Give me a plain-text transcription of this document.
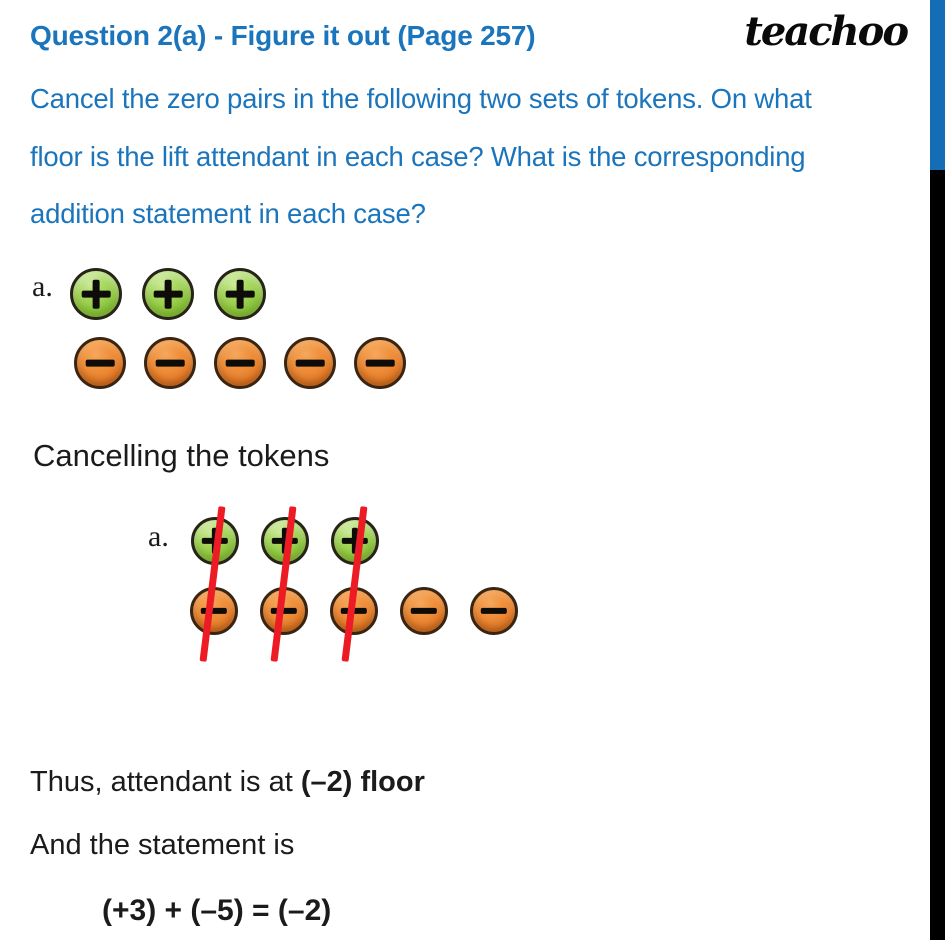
Question 2(a) - Figure it out (Page 257)	teachoo
Cancel the zero pairs in the following two sets of tokens. On what
floor is the lift attendant in each case? What is the corresponding
addition statement in each case?
a.
Cancelling the tokens
a.
Thus, attendant is at (–2) floor
And the statement is
(+3) + (–5) = (–2)
